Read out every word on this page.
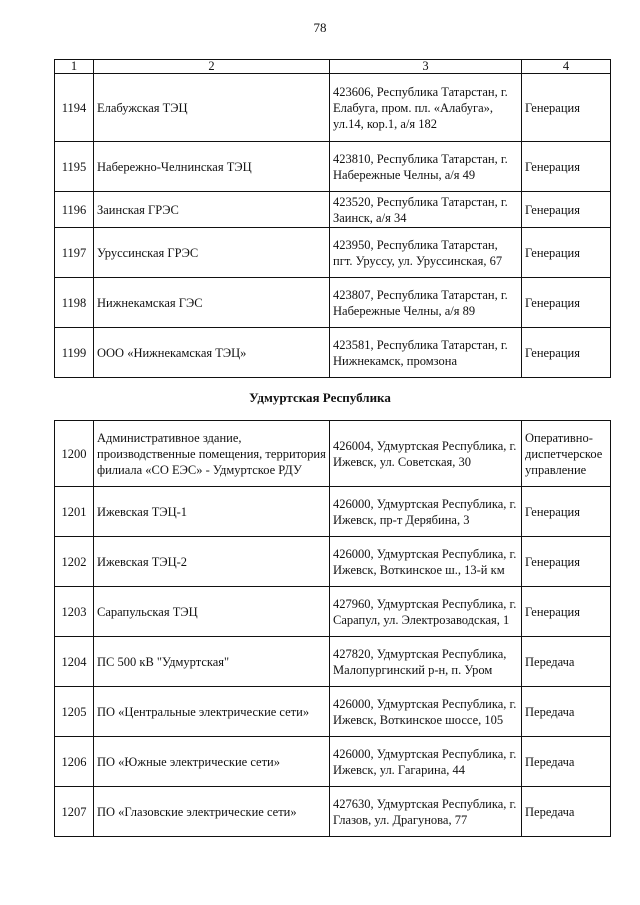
78
1	2	3	4
1194	Елабужская ТЭЦ	423606, Республика Татарстан, г. Елабуга, пром. пл. «Алабуга», ул.14, кор.1, а/я 182	Генерация
1195	Набережно-Челнинская ТЭЦ	423810, Республика Татарстан, г. Набережные Челны, а/я 49	Генерация
1196	Заинская ГРЭС	423520, Республика Татарстан, г. Заинск, а/я 34	Генерация
1197	Уруссинская ГРЭС	423950, Республика Татарстан, пгт. Уруссу, ул. Уруссинская, 67	Генерация
1198	Нижнекамская ГЭС	423807, Республика Татарстан, г. Набережные Челны, а/я 89	Генерация
1199	ООО «Нижнекамская ТЭЦ»	423581, Республика Татарстан, г. Нижнекамск, промзона	Генерация
Удмуртская Республика
1200	Административное здание, производственные помещения, территория филиала «СО ЕЭС» - Удмуртское РДУ	426004, Удмуртская Республика, г. Ижевск, ул. Советская, 30	Оперативно-диспетчерское управление
1201	Ижевская ТЭЦ-1	426000, Удмуртская Республика, г. Ижевск, пр-т Дерябина, 3	Генерация
1202	Ижевская ТЭЦ-2	426000, Удмуртская Республика, г. Ижевск, Воткинское ш., 13-й км	Генерация
1203	Сарапульская ТЭЦ	427960, Удмуртская Республика, г. Сарапул, ул. Электрозаводская, 1	Генерация
1204	ПС 500 кВ "Удмуртская"	427820, Удмуртская Республика, Малопургинский р-н, п. Уром	Передача
1205	ПО «Центральные электрические сети»	426000, Удмуртская Республика, г. Ижевск, Воткинское шоссе, 105	Передача
1206	ПО «Южные электрические сети»	426000, Удмуртская Республика, г. Ижевск, ул. Гагарина, 44	Передача
1207	ПО «Глазовские электрические сети»	427630, Удмуртская Республика, г. Глазов, ул. Драгунова, 77	Передача
